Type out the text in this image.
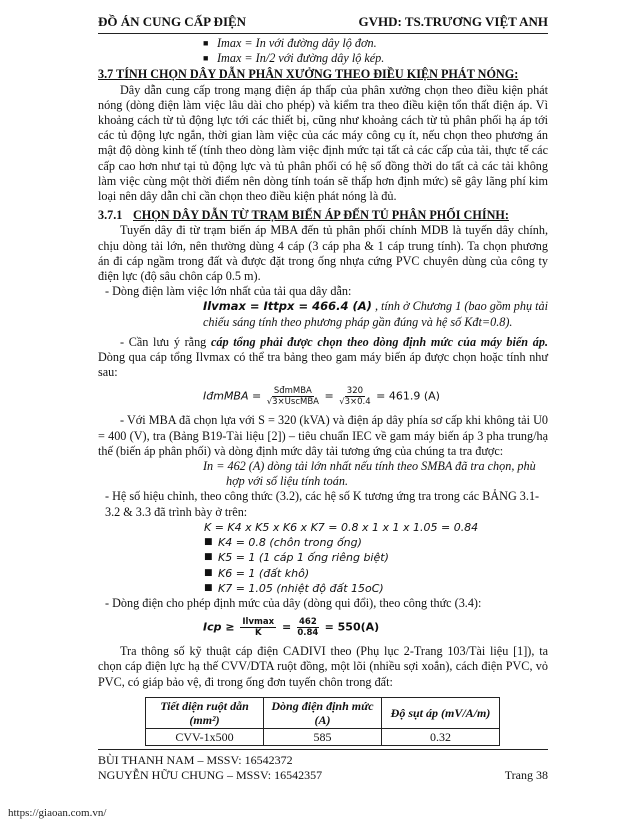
ĐỒ ÁN CUNG CẤP ĐIỆN	GVHD: TS.TRƯƠNG VIỆT ANH
■ Imax = In với đường dây lộ đơn.
■ Imax = In/2 với đường dây lộ kép.
3.7 TÍNH CHỌN DÂY DẪN PHÂN XƯỞNG THEO ĐIỀU KIỆN PHÁT NÓNG:
Dây dẫn cung cấp trong mạng điện áp thấp của phân xưởng chọn theo điều kiện phát nóng (dòng điện làm việc lâu dài cho phép) và kiểm tra theo điều kiện tổn thất điện áp. Vì khoảng cách từ tủ động lực tới các thiết bị, cũng như khoảng cách từ tủ phân phối hạ áp tới các tủ động lực ngắn, thời gian làm việc của các máy công cụ ít, nếu chọn theo phương án mật độ dòng kinh tế (tính theo dòng làm việc định mức tại tất cả các cấp của tải, thực tế các cấp cao hơn như tại tủ động lực và tủ phân phối có hệ số đồng thời do tất cả các tải không làm việc cùng một thời điểm nên dòng tính toán sẽ thấp hơn định mức) sẽ gây lãng phí kim loại nên dây dẫn chỉ cần chọn theo điều kiện phát nóng là đủ.
3.7.1 CHỌN DÂY DẪN TỪ TRẠM BIẾN ÁP ĐẾN TỦ PHÂN PHỐI CHÍNH:
Tuyến dây đi từ trạm biến áp MBA đến tủ phân phối chính MDB là tuyến dây chính, chịu dòng tải lớn, nên thường dùng 4 cáp (3 cáp pha & 1 cáp trung tính). Ta chọn phương án đi cáp ngầm trong đất và được đặt trong ống nhựa cứng PVC chuyên dùng của công ty điện lực (độ sâu chôn cáp 0.5 m).
- Dòng điện làm việc lớn nhất của tải qua dây dẫn:
Ilvmax = Ittpx = 466.4 (A) , tính ở Chương 1 (bao gồm phụ tải chiếu sáng tính theo phương pháp gần đúng và hệ số Kđt=0.8).
- Cần lưu ý rằng cáp tổng phải được chọn theo dòng định mức của máy biến áp. Dòng qua cáp tổng Ilvmax có thể tra bảng theo gam máy biến áp được chọn hoặc tính như sau:
IđmMBA = $\frac{\text{SđmMBA}}{\text{√3×UscMBA}} = \frac{320}{√3\times 0.4} = 461.9$ (A)
- Với MBA đã chọn lựa với S = 320 (kVA) và điện áp dây phía sơ cấp khi không tải U0 = 400 (V), tra (Bảng B19-Tài liệu [2]) – tiêu chuẩn IEC về gam máy biến áp 3 pha trung/hạ thế (biến áp phân phối) và dòng định mức dây tải tương ứng của chúng ta tra được:
In = 462 (A) dòng tải lớn nhất nếu tính theo SMBA đã tra chọn, phù hợp với số liệu tính toán.
- Hệ số hiệu chỉnh, theo công thức (3.2), các hệ số K tương ứng tra trong các BẢNG 3.1-3.2 & 3.3 đã trình bày ở trên:
K = K4 x K5 x K6 x K7 = 0.8 x 1 x 1 x 1.05 = 0.84
■ K4 = 0.8 (chôn trong ống)
■ K5 = 1 (1 cáp 1 ống riêng biệt)
■ K6 = 1 (đất khô)
■ K7 = 1.05 (nhiệt độ đất 15oC)
- Dòng điện cho phép định mức của dây (dòng qui đổi), theo công thức (3.4):
Icp ≥ $\frac{\text{Ilvmax}}{K} = \frac{462}{0.84} = 550(A)$
Tra thông số kỹ thuật cáp điện CADIVI theo (Phụ lục 2-Trang 103/Tài liệu [1]), ta chọn cáp điện lực hạ thế CVV/DTA ruột đồng, một lõi (nhiều sợi xoắn), cách điện PVC, vỏ PVC, có giáp bảo vệ, đi trong ống đơn tuyến chôn trong đất:
Tiết diện ruột dẫn (mm²)	Dòng điện định mức (A)	Độ sụt áp (mV/A/m)
CVV-1x500	585	0.32
BÙI THANH NAM – MSSV: 16542372
NGUYỄN HỮU CHUNG – MSSV: 16542357	Trang 38
https://giaoan.com.vn/
